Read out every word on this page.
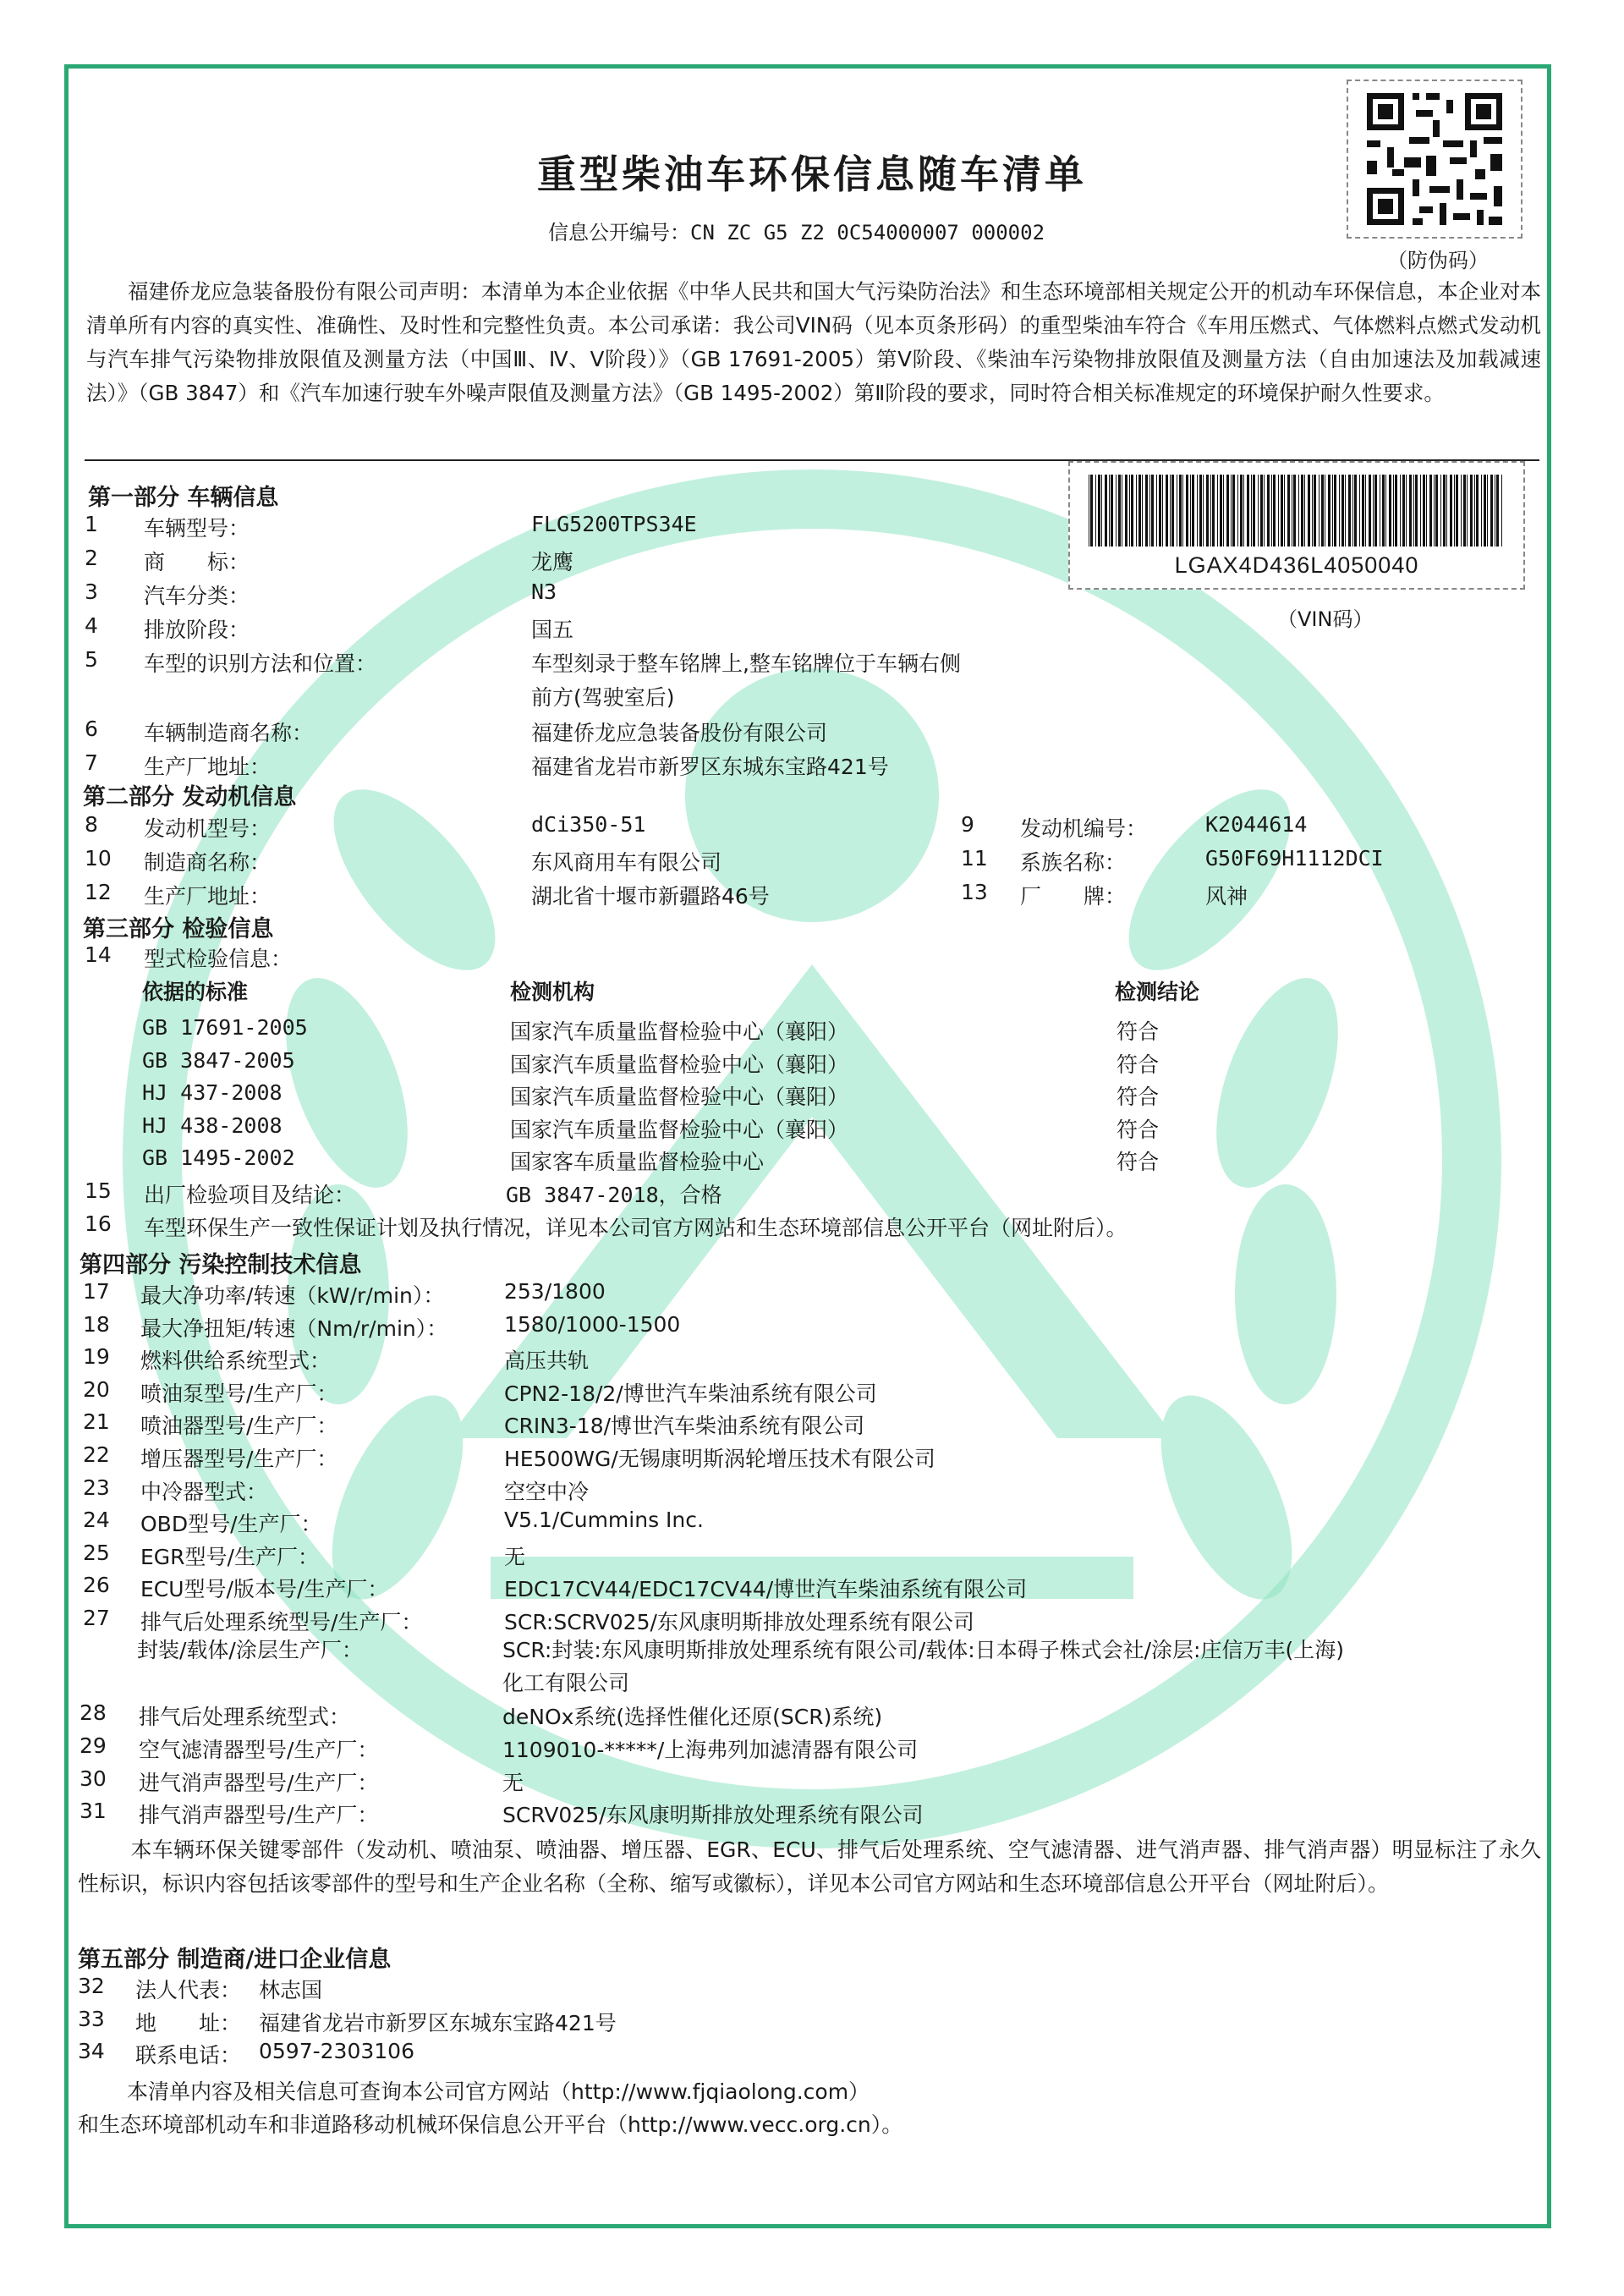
重型柴油车环保信息随车清单
信息公开编号：CN ZC G5 Z2 0C54000007 000002
（防伪码）
福建侨龙应急装备股份有限公司声明：本清单为本企业依据《中华人民共和国大气污染防治法》和生态环境部相关规定公开的机动车环保信息，本企业对本清单所有内容的真实性、准确性、及时性和完整性负责。本公司承诺：我公司VIN码（见本页条形码）的重型柴油车符合《车用压燃式、气体燃料点燃式发动机与汽车排气污染物排放限值及测量方法（中国Ⅲ、Ⅳ、Ⅴ阶段）》（GB 17691-2005）第Ⅴ阶段、《柴油车污染物排放限值及测量方法（自由加速法及加载减速法）》（GB 3847）和《汽车加速行驶车外噪声限值及测量方法》（GB 1495-2002）第Ⅱ阶段的要求，同时符合相关标准规定的环境保护耐久性要求。
LGAX4D436L4050040
（VIN码）
第一部分 车辆信息
1 车辆型号：	FLG5200TPS34E
2 商　　标：	龙鹰
3 汽车分类：	N3
4 排放阶段：	国五
5 车型的识别方法和位置：	车型刻录于整车铭牌上,整车铭牌位于车辆右侧
前方(驾驶室后)
6 车辆制造商名称：	福建侨龙应急装备股份有限公司
7 生产厂地址：	福建省龙岩市新罗区东城东宝路421号
第二部分 发动机信息
8 发动机型号：	dCi350-51	9 发动机编号：	K2044614
10 制造商名称：	东风商用车有限公司	11 系族名称：	G50F69H1112DCI
12 生产厂地址：	湖北省十堰市新疆路46号	13 厂　　牌：	风神
第三部分 检验信息
14 型式检验信息：
依据的标准	检测机构	检测结论
GB 17691-2005	国家汽车质量监督检验中心（襄阳）	符合
GB 3847-2005	国家汽车质量监督检验中心（襄阳）	符合
HJ 437-2008	国家汽车质量监督检验中心（襄阳）	符合
HJ 438-2008	国家汽车质量监督检验中心（襄阳）	符合
GB 1495-2002	国家客车质量监督检验中心	符合
15 出厂检验项目及结论：	GB 3847-2018，合格
16 车型环保生产一致性保证计划及执行情况，详见本公司官方网站和生态环境部信息公开平台（网址附后）。
第四部分 污染控制技术信息
17 最大净功率/转速（kW/r/min）：	253/1800
18 最大净扭矩/转速（Nm/r/min）：	1580/1000-1500
19 燃料供给系统型式：	高压共轨
20 喷油泵型号/生产厂：	CPN2-18/2/博世汽车柴油系统有限公司
21 喷油器型号/生产厂：	CRIN3-18/博世汽车柴油系统有限公司
22 增压器型号/生产厂：	HE500WG/无锡康明斯涡轮增压技术有限公司
23 中冷器型式：	空空中冷
24 OBD型号/生产厂：	V5.1/Cummins Inc.
25 EGR型号/生产厂：	无
26 ECU型号/版本号/生产厂：	EDC17CV44/EDC17CV44/博世汽车柴油系统有限公司
27 排气后处理系统型号/生产厂：	SCR:SCRV025/东风康明斯排放处理系统有限公司
封装/载体/涂层生产厂：	SCR:封装:东风康明斯排放处理系统有限公司/载体:日本碍子株式会社/涂层:庄信万丰(上海)
化工有限公司
28 排气后处理系统型式：	deNOx系统(选择性催化还原(SCR)系统)
29 空气滤清器型号/生产厂：	1109010-*****/上海弗列加滤清器有限公司
30 进气消声器型号/生产厂：	无
31 排气消声器型号/生产厂：	SCRV025/东风康明斯排放处理系统有限公司
本车辆环保关键零部件（发动机、喷油泵、喷油器、增压器、EGR、ECU、排气后处理系统、空气滤清器、进气消声器、排气消声器）明显标注了永久性标识，标识内容包括该零部件的型号和生产企业名称（全称、缩写或徽标），详见本公司官方网站和生态环境部信息公开平台（网址附后）。
第五部分 制造商/进口企业信息
32 法人代表： 林志国
33 地　　址： 福建省龙岩市新罗区东城东宝路421号
34 联系电话： 0597-2303106
本清单内容及相关信息可查询本公司官方网站（http://www.fjqiaolong.com）
和生态环境部机动车和非道路移动机械环保信息公开平台（http://www.vecc.org.cn）。
